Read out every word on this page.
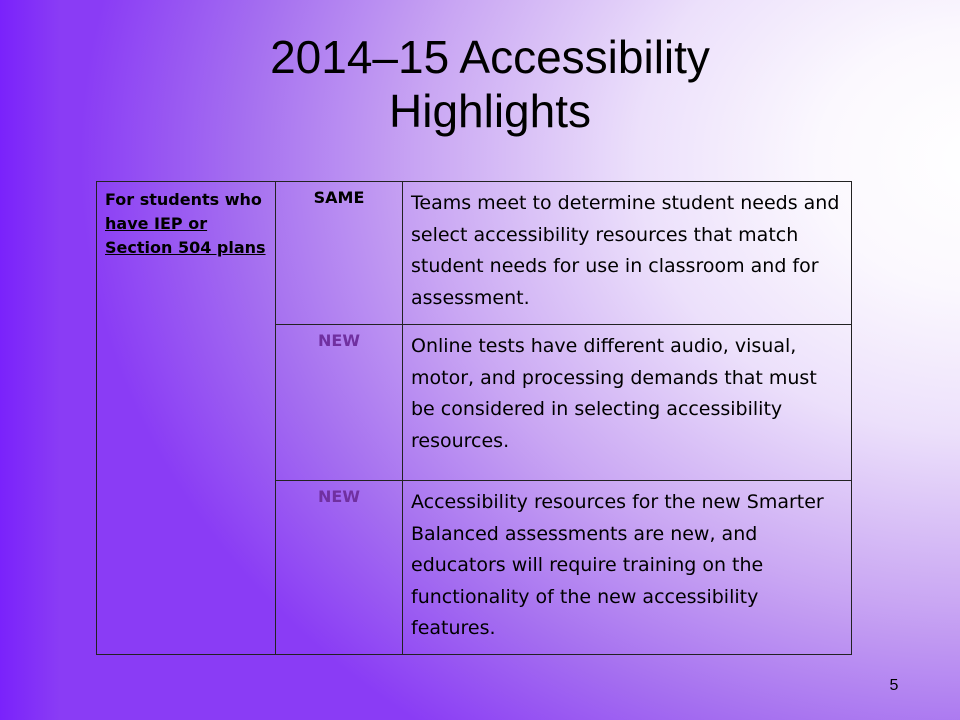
2014–15 Accessibility
Highlights
For students who have IEP or Section 504 plans	SAME	Teams meet to determine student needs and select accessibility resources that match student needs for use in classroom and for assessment.
	NEW	Online tests have different audio, visual, motor, and processing demands that must be considered in selecting accessibility resources.
	NEW	Accessibility resources for the new Smarter Balanced assessments are new, and educators will require training on the functionality of the new accessibility features.
5
